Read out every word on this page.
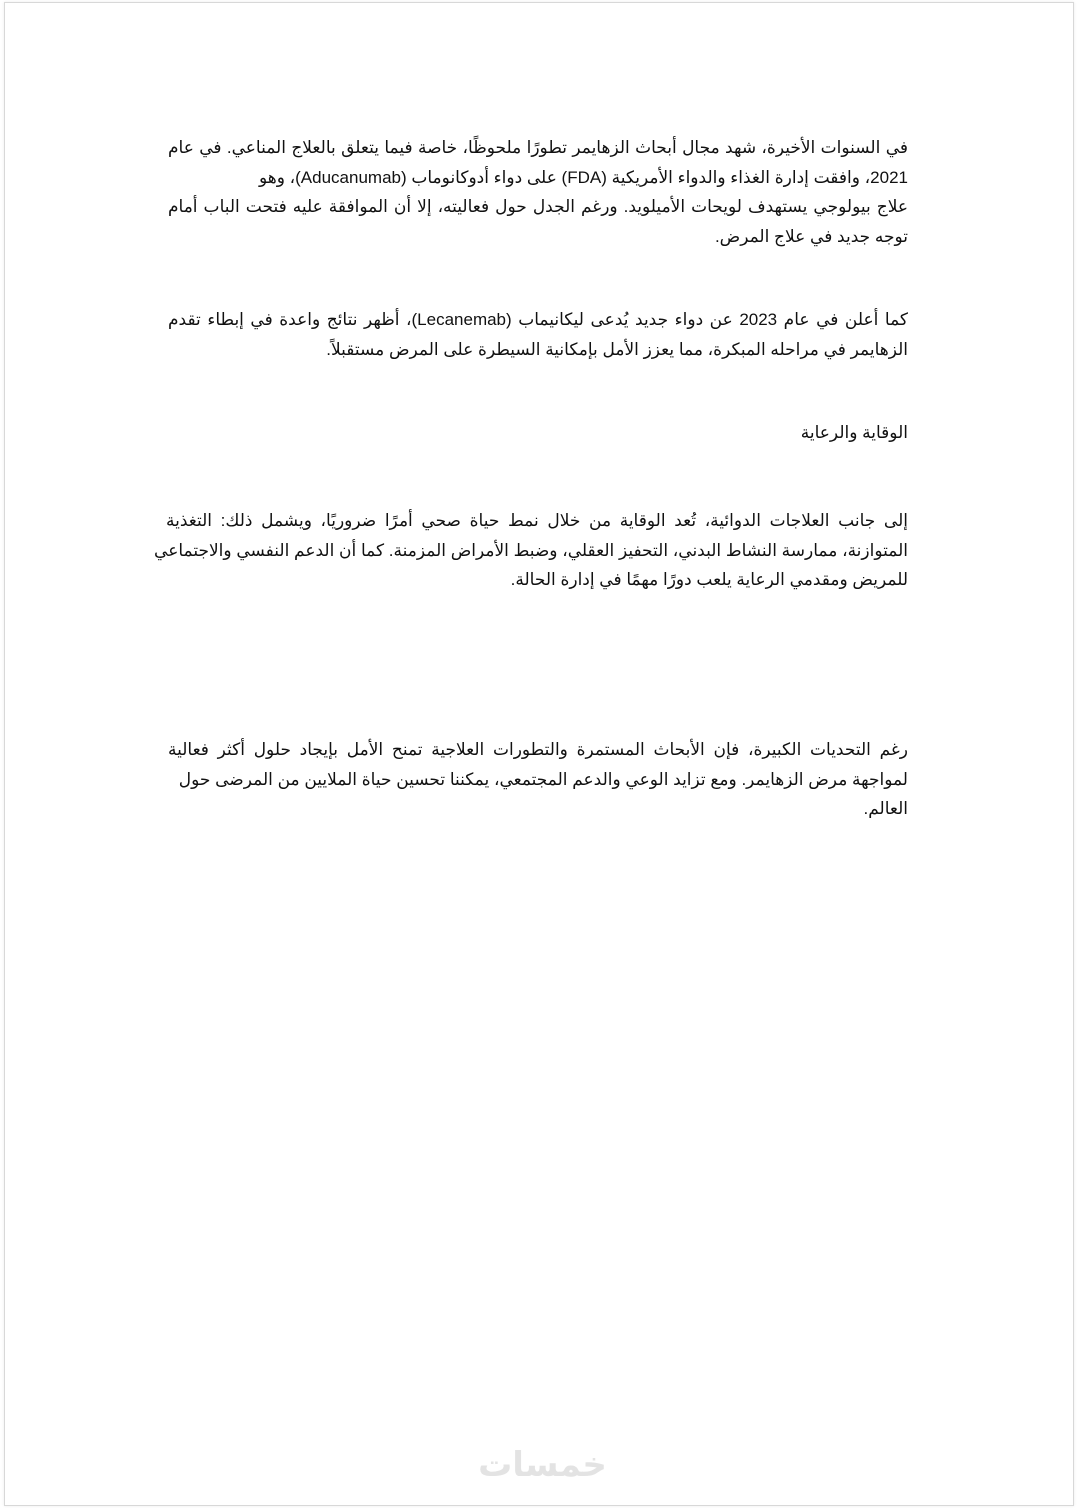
في السنوات الأخيرة، شهد مجال أبحاث الزهايمر تطورًا ملحوظًا، خاصة فيما يتعلق بالعلاج المناعي. في عام
2021، وافقت إدارة الغذاء والدواء الأمريكية (FDA) على دواء أدوكانوماب (Aducanumab)، وهو
علاج بيولوجي يستهدف لويحات الأميلويد. ورغم الجدل حول فعاليته، إلا أن الموافقة عليه فتحت الباب أمام
توجه جديد في علاج المرض.
كما أعلن في عام 2023 عن دواء جديد يُدعى ليكانيماب (Lecanemab)، أظهر نتائج واعدة في إبطاء تقدم
الزهايمر في مراحله المبكرة، مما يعزز الأمل بإمكانية السيطرة على المرض مستقبلاً.
الوقاية والرعاية
إلى جانب العلاجات الدوائية، تُعد الوقاية من خلال نمط حياة صحي أمرًا ضروريًا، ويشمل ذلك: التغذية
المتوازنة، ممارسة النشاط البدني، التحفيز العقلي، وضبط الأمراض المزمنة. كما أن الدعم النفسي والاجتماعي
للمريض ومقدمي الرعاية يلعب دورًا مهمًا في إدارة الحالة.
رغم التحديات الكبيرة، فإن الأبحاث المستمرة والتطورات العلاجية تمنح الأمل بإيجاد حلول أكثر فعالية
لمواجهة مرض الزهايمر. ومع تزايد الوعي والدعم المجتمعي، يمكننا تحسين حياة الملايين من المرضى حول
العالم.
خمسات
